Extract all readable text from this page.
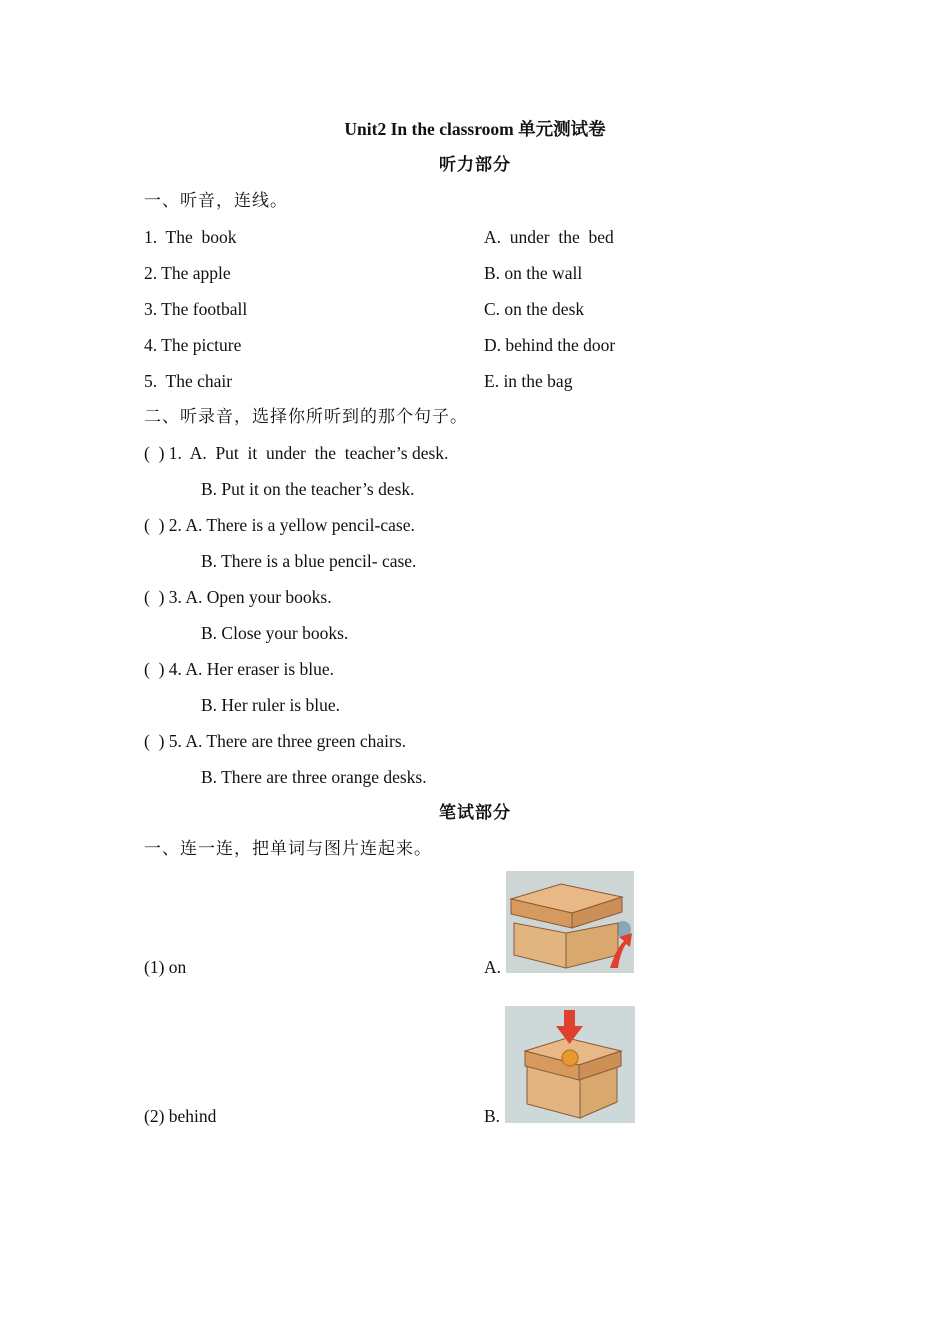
Unit2 In the classroom 单元测试卷
听力部分
一、听音，连线。
1.  The  book	A.  under  the  bed
2. The apple	B. on the wall
3. The football	C. on the desk
4. The picture	D. behind the door
5.  The chair	E. in the bag
二、听录音，选择你所听到的那个句子。
(  ) 1.  A.  Put  it  under  the  teacher’s desk.
B. Put it on the teacher’s desk.
(  ) 2. A. There is a yellow pencil-case.
B. There is a blue pencil- case.
(  ) 3. A. Open your books.
B. Close your books.
(  ) 4. A. Her eraser is blue.
B. Her ruler is blue.
(  ) 5. A. There are three green chairs.
B. There are three orange desks.
笔试部分
一、连一连，把单词与图片连起来。
(1) on	A.
(2) behind	B.
